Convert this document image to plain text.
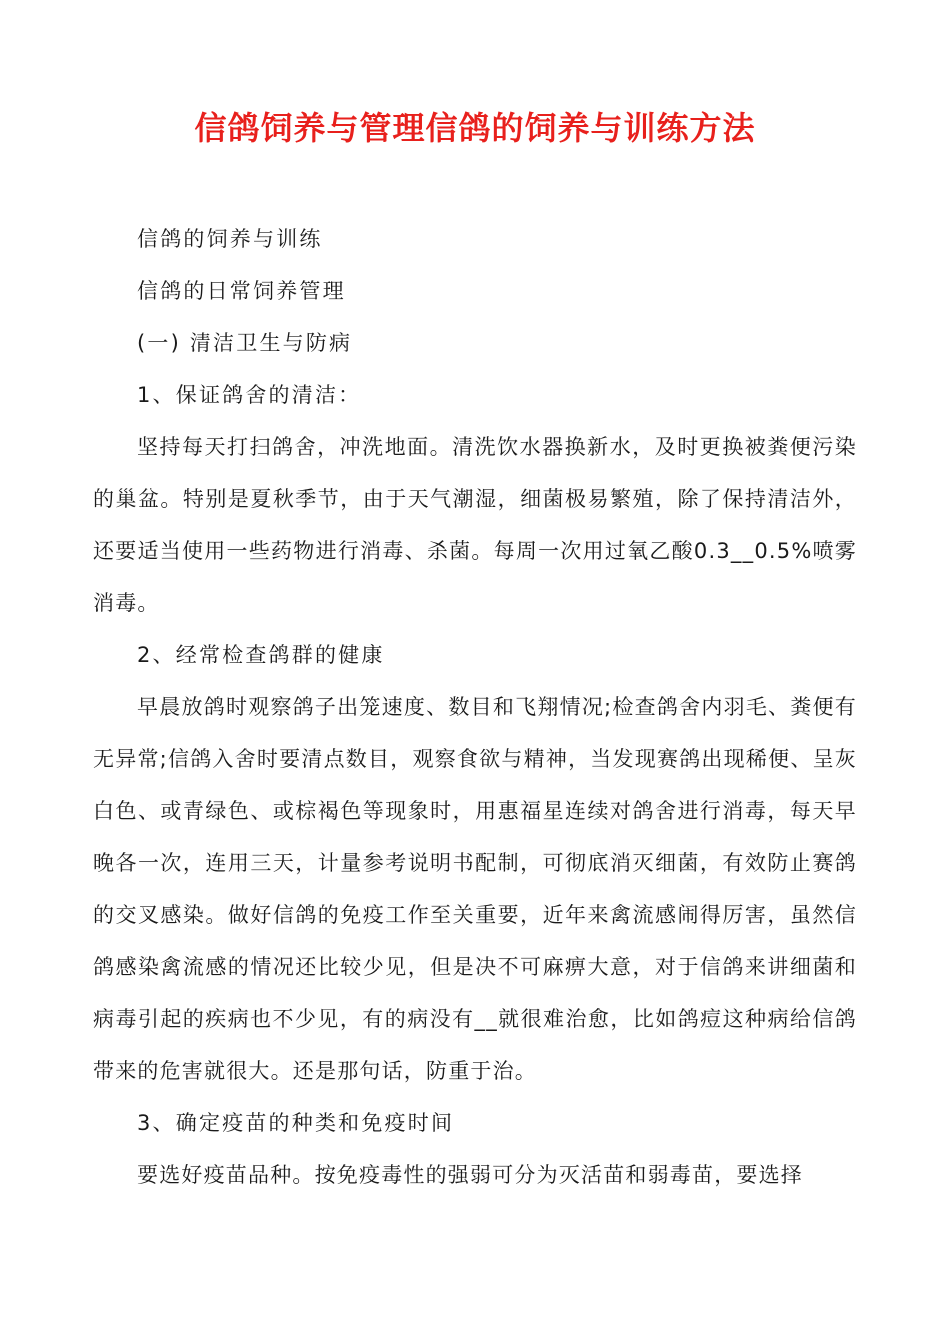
信鸽饲养与管理信鸽的饲养与训练方法

信鸽的饲养与训练

信鸽的日常饲养管理

(一) 清洁卫生与防病

1、保证鸽舍的清洁：

坚持每天打扫鸽舍，冲洗地面。清洗饮水器换新水，及时更换被粪便污染的巢盆。特别是夏秋季节，由于天气潮湿，细菌极易繁殖，除了保持清洁外，还要适当使用一些药物进行消毒、杀菌。每周一次用过氧乙酸0.3__0.5%喷雾消毒。

2、经常检查鸽群的健康

早晨放鸽时观察鸽子出笼速度、数目和飞翔情况;检查鸽舍内羽毛、粪便有无异常;信鸽入舍时要清点数目，观察食欲与精神，当发现赛鸽出现稀便、呈灰白色、或青绿色、或棕褐色等现象时，用惠福星连续对鸽舍进行消毒，每天早晚各一次，连用三天，计量参考说明书配制，可彻底消灭细菌，有效防止赛鸽的交叉感染。做好信鸽的免疫工作至关重要，近年来禽流感闹得厉害，虽然信鸽感染禽流感的情况还比较少见，但是决不可麻痹大意，对于信鸽来讲细菌和病毒引起的疾病也不少见，有的病没有__就很难治愈，比如鸽痘这种病给信鸽带来的危害就很大。还是那句话，防重于治。

3、确定疫苗的种类和免疫时间

要选好疫苗品种。按免疫毒性的强弱可分为灭活苗和弱毒苗，要选择
